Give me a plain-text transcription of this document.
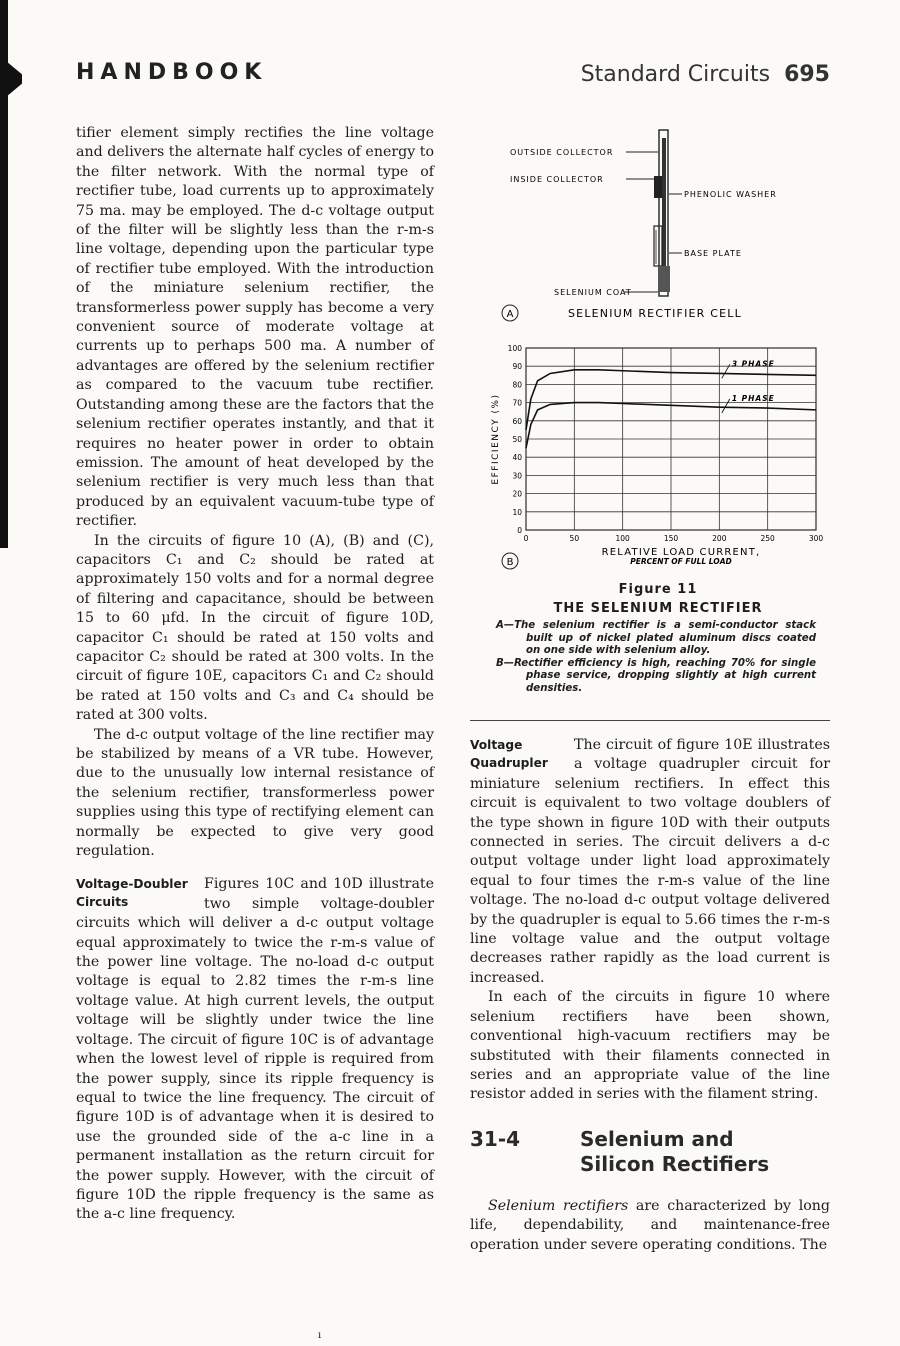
HANDBOOK	Standard Circuits 695

tifier element simply rectifies the line voltage and delivers the alternate half cycles of energy to the filter network. With the normal type of rectifier tube, load currents up to approximately 75 ma. may be employed. The d-c voltage output of the filter will be slightly less than the r-m-s line voltage, depending upon the particular type of rectifier tube employed. With the introduction of the miniature selenium rectifier, the transformerless power supply has become a very convenient source of moderate voltage at currents up to perhaps 500 ma. A number of advantages are offered by the selenium rectifier as compared to the vacuum tube rectifier. Outstanding among these are the factors that the selenium rectifier operates instantly, and that it requires no heater power in order to obtain emission. The amount of heat developed by the selenium rectifier is very much less than that produced by an equivalent vacuum-tube type of rectifier.

In the circuits of figure 10 (A), (B) and (C), capacitors C₁ and C₂ should be rated at approximately 150 volts and for a normal degree of filtering and capacitance, should be between 15 to 60 μfd. In the circuit of figure 10D, capacitor C₁ should be rated at 150 volts and capacitor C₂ should be rated at 300 volts. In the circuit of figure 10E, capacitors C₁ and C₂ should be rated at 150 volts and C₃ and C₄ should be rated at 300 volts.

The d-c output voltage of the line rectifier may be stabilized by means of a VR tube. However, due to the unusually low internal resistance of the selenium rectifier, transformerless power supplies using this type of rectifying element can normally be expected to give very good regulation.

Voltage-Doubler
Circuits

Figures 10C and 10D illustrate two simple voltage-doubler circuits which will deliver a d-c output voltage equal approximately to twice the r-m-s value of the power line voltage. The no-load d-c output voltage is equal to 2.82 times the r-m-s line voltage value. At high current levels, the output voltage will be slightly under twice the line voltage. The circuit of figure 10C is of advantage when the lowest level of ripple is required from the power supply, since its ripple frequency is equal to twice the line frequency. The circuit of figure 10D is of advantage when it is desired to use the grounded side of the a-c line in a permanent installation as the return circuit for the power supply. However, with the circuit of figure 10D the ripple frequency is the same as the a-c line frequency.

OUTSIDE COLLECTOR
INSIDE COLLECTOR
PHENOLIC WASHER
BASE PLATE
SELENIUM COAT
A	SELENIUM RECTIFIER CELL
0
10
20
30
40
50
60
70
80
90
100
0	50	100	150	200	250	300
EFFICIENCY (%)
RELATIVE LOAD CURRENT,
PERCENT OF FULL LOAD
3 PHASE
1 PHASE
B
Figure 11
THE SELENIUM RECTIFIER
A—The selenium rectifier is a semi-conductor stack built up of nickel plated aluminum discs coated on one side with selenium alloy.
B—Rectifier efficiency is high, reaching 70% for single phase service, dropping slightly at high current densities.
Voltage
Quadrupler

The circuit of figure 10E illustrates a voltage quadrupler circuit for miniature selenium rectifiers. In effect this circuit is equivalent to two voltage doublers of the type shown in figure 10D with their outputs connected in series. The circuit delivers a d-c output voltage under light load approximately equal to four times the r-m-s value of the line voltage. The no-load d-c output voltage delivered by the quadrupler is equal to 5.66 times the r-m-s line voltage value and the output voltage decreases rather rapidly as the load current is increased.

In each of the circuits in figure 10 where selenium rectifiers have been shown, conventional high-vacuum rectifiers may be substituted with their filaments connected in series and an appropriate value of the line resistor added in series with the filament string.

31-4	Selenium and
Silicon Rectifiers

Selenium rectifiers are characterized by long life, dependability, and maintenance-free operation under severe operating conditions. The

ı
